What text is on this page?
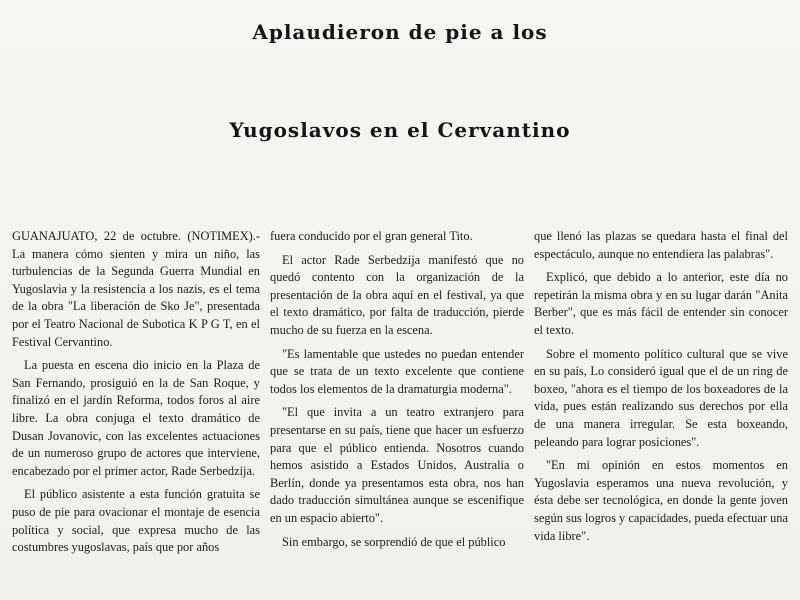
Aplaudieron de pie a los
Yugoslavos en el Cervantino

GUANAJUATO, 22 de octubre. (NOTIMEX).- La manera cómo sienten y mira un niño, las turbulencias de la Segunda Guerra Mundial en Yugoslavia y la resistencia a los nazis, es el tema de la obra "La liberación de Sko Je", presentada por el Teatro Nacional de Subotica K P G T, en el Festival Cervantino.

La puesta en escena dio inicio en la Plaza de San Fernando, prosiguió en la de San Roque, y finalizó en el jardín Reforma, todos foros al aire libre. La obra conjuga el texto dramático de Dusan Jovanovic, con las excelentes actuaciones de un numeroso grupo de actores que interviene, encabezado por el primer actor, Rade Serbedzija.

El público asistente a esta función gratuita se puso de pie para ovacionar el montaje de esencia política y social, que expresa mucho de las costumbres yugoslavas, país que por años

fuera conducido por el gran general Tito.

El actor Rade Serbedzija manifestó que no quedó contento con la organización de la presentación de la obra aquí en el festival, ya que el texto dramático, por falta de traducción, pierde mucho de su fuerza en la escena.

"Es lamentable que ustedes no puedan entender que se trata de un texto excelente que contiene todos los elementos de la dramaturgia moderna".

"El que invita a un teatro extranjero para presentarse en su país, tiene que hacer un esfuerzo para que el público entienda. Nosotros cuando hemos asistido a Estados Unidos, Australia o Berlín, donde ya presentamos esta obra, nos han dado traducción simultánea aunque se escenifique en un espacio abierto".

Sin embargo, se sorprendió de que el público

que llenó las plazas se quedara hasta el final del espectáculo, aunque no entendiera las palabras".

Explicó, que debido a lo anterior, este día no repetirán la misma obra y en su lugar darán "Anita Berber", que es más fácil de entender sin conocer el texto.

Sobre el momento político cultural que se vive en su país, Lo consideró igual que el de un ring de boxeo, "ahora es el tiempo de los boxeadores de la vida, pues están realizando sus derechos por ella de una manera irregular. Se esta boxeando, peleando para lograr posiciones".

"En mi opinión en estos momentos en Yugoslavia esperamos una nueva revolución, y ésta debe ser tecnológica, en donde la gente joven según sus logros y capacidades, pueda efectuar una vida libre".
